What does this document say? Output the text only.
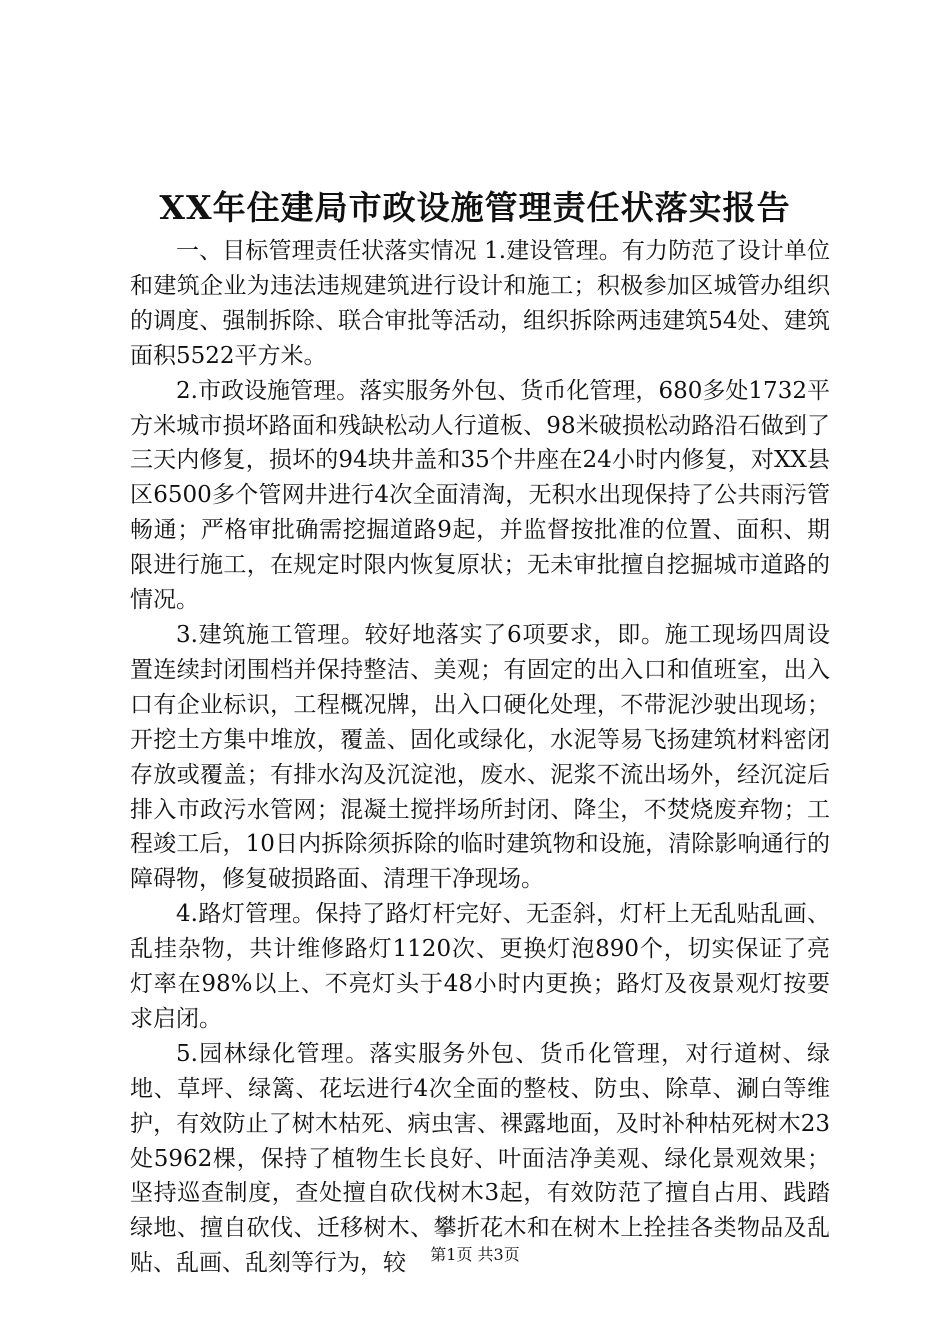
XX年住建局市政设施管理责任状落实报告

一、目标管理责任状落实情况 1.建设管理。有力防范了设计单位和建筑企业为违法违规建筑进行设计和施工；积极参加区城管办组织的调度、强制拆除、联合审批等活动，组织拆除两违建筑54处、建筑面积5522平方米。

2.市政设施管理。落实服务外包、货币化管理，680多处1732平方米城市损坏路面和残缺松动人行道板、98米破损松动路沿石做到了三天内修复，损坏的94块井盖和35个井座在24小时内修复，对XX县区6500多个管网井进行4次全面清淘，无积水出现保持了公共雨污管畅通；严格审批确需挖掘道路9起，并监督按批准的位置、面积、期限进行施工，在规定时限内恢复原状；无未审批擅自挖掘城市道路的情况。

3.建筑施工管理。较好地落实了6项要求，即。施工现场四周设置连续封闭围档并保持整洁、美观；有固定的出入口和值班室，出入口有企业标识，工程概况牌，出入口硬化处理，不带泥沙驶出现场；开挖土方集中堆放，覆盖、固化或绿化，水泥等易飞扬建筑材料密闭存放或覆盖；有排水沟及沉淀池，废水、泥浆不流出场外，经沉淀后排入市政污水管网；混凝土搅拌场所封闭、降尘，不焚烧废弃物；工程竣工后，10日内拆除须拆除的临时建筑物和设施，清除影响通行的障碍物，修复破损路面、清理干净现场。

4.路灯管理。保持了路灯杆完好、无歪斜，灯杆上无乱贴乱画、乱挂杂物，共计维修路灯1120次、更换灯泡890个，切实保证了亮灯率在98%以上、不亮灯头于48小时内更换；路灯及夜景观灯按要求启闭。

5.园林绿化管理。落实服务外包、货币化管理，对行道树、绿地、草坪、绿篱、花坛进行4次全面的整枝、防虫、除草、涮白等维护，有效防止了树木枯死、病虫害、裸露地面，及时补种枯死树木23处5962棵，保持了植物生长良好、叶面洁净美观、绿化景观效果；坚持巡查制度，查处擅自砍伐树木3起，有效防范了擅自占用、践踏绿地、擅自砍伐、迁移树木、攀折花木和在树木上拴挂各类物品及乱贴、乱画、乱刻等行为，较	第1页 共3页
